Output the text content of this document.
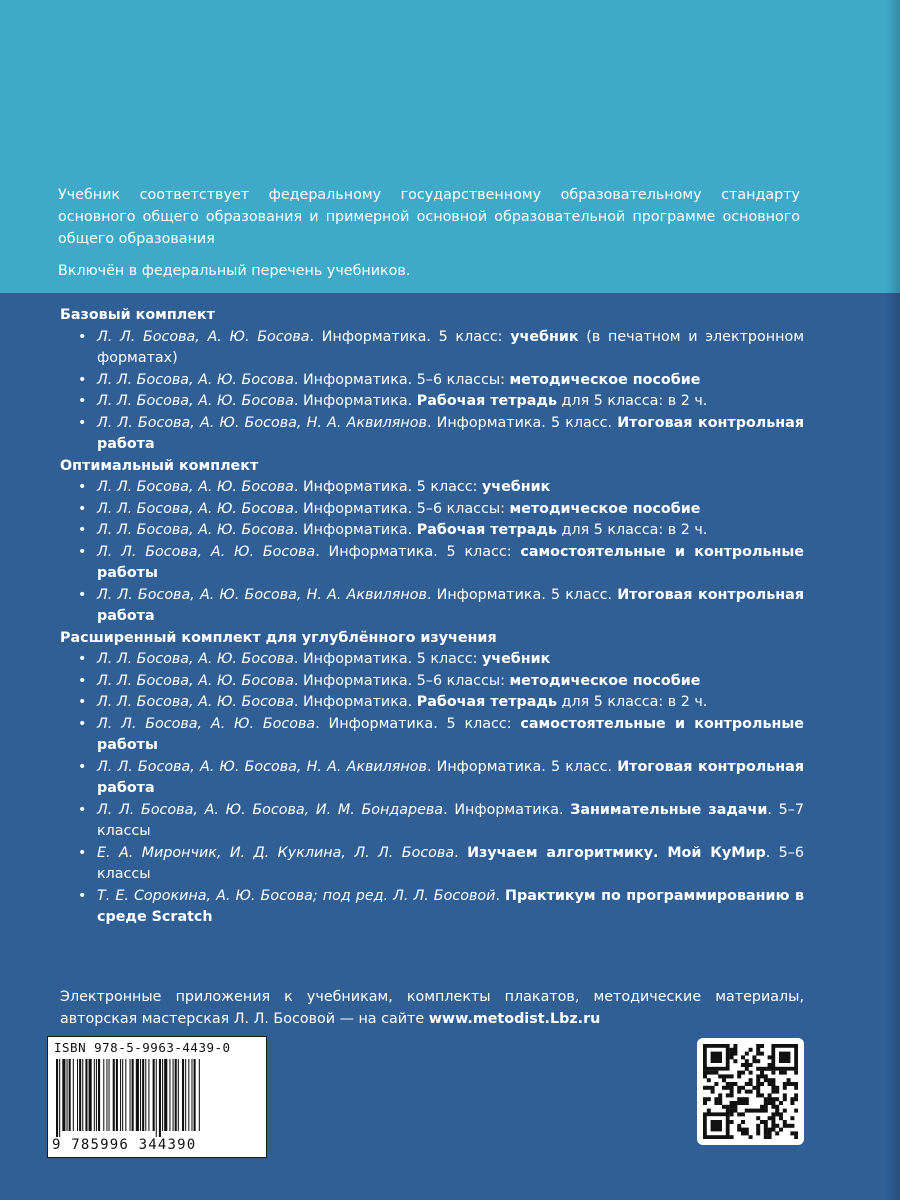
Учебник соответствует федеральному государственному образовательному стандарту основного общего образования и примерной основной образовательной программе основного общего образования

Включён в федеральный перечень учебников.

Базовый комплект

• Л. Л. Босова, А. Ю. Босова. Информатика. 5 класс: учебник (в печатном и электронном форматах)
• Л. Л. Босова, А. Ю. Босова. Информатика. 5–6 классы: методическое пособие
• Л. Л. Босова, А. Ю. Босова. Информатика. Рабочая тетрадь для 5 класса: в 2 ч.
• Л. Л. Босова, А. Ю. Босова, Н. А. Аквилянов. Информатика. 5 класс. Итоговая контрольная работа

Оптимальный комплект

• Л. Л. Босова, А. Ю. Босова. Информатика. 5 класс: учебник
• Л. Л. Босова, А. Ю. Босова. Информатика. 5–6 классы: методическое пособие
• Л. Л. Босова, А. Ю. Босова. Информатика. Рабочая тетрадь для 5 класса: в 2 ч.
• Л. Л. Босова, А. Ю. Босова. Информатика. 5 класс: самостоятельные и контрольные работы
• Л. Л. Босова, А. Ю. Босова, Н. А. Аквилянов. Информатика. 5 класс. Итоговая контрольная работа

Расширенный комплект для углублённого изучения

• Л. Л. Босова, А. Ю. Босова. Информатика. 5 класс: учебник
• Л. Л. Босова, А. Ю. Босова. Информатика. 5–6 классы: методическое пособие
• Л. Л. Босова, А. Ю. Босова. Информатика. Рабочая тетрадь для 5 класса: в 2 ч.
• Л. Л. Босова, А. Ю. Босова. Информатика. 5 класс: самостоятельные и контрольные работы
• Л. Л. Босова, А. Ю. Босова, Н. А. Аквилянов. Информатика. 5 класс. Итоговая контрольная работа
• Л. Л. Босова, А. Ю. Босова, И. М. Бондарева. Информатика. Занимательные задачи. 5–7 классы
• Е. А. Мирончик, И. Д. Куклина, Л. Л. Босова. Изучаем алгоритмику. Мой КуМир. 5–6 классы
• Т. Е. Сорокина, А. Ю. Босова; под ред. Л. Л. Босовой. Практикум по программированию в среде Scratch
Электронные приложения к учебникам, комплекты плакатов, методические материалы, авторская мастерская Л. Л. Босовой — на сайте www.metodist.Lbz.ru
ISBN 978-5-9963-4439-0
9 785996 344390
